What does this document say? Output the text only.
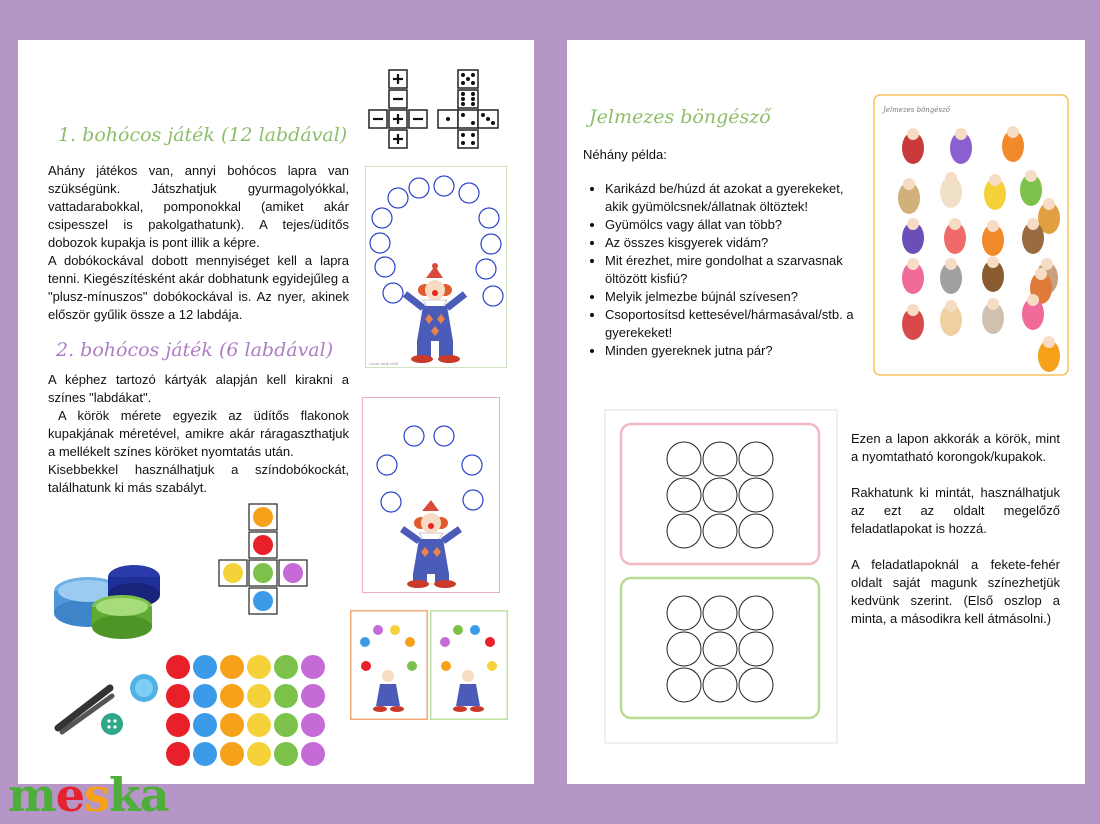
1. bohócos játék (12 labdával)

Ahány játékos van, annyi bohócos lapra van szükségünk. Játszhatjuk gyurmagolyókkal, vattadarabokkal, pomponokkal (amiket akár csipesszel is pakolgathatunk). A tejes/üdítős dobozok kupakja is pont illik a képre.

A dobókockával dobott mennyiséget kell a lapra tenni. Kiegészítésként akár dobhatunk egyidejűleg a "plusz-mínuszos" dobókockával is. Az nyer, akinek először gyűlik össze a 12 labdája.

2. bohócos játék (6 labdával)

A képhez tartozó kártyák alapján kell kirakni a színes "labdákat".

A körök mérete egyezik az üdítős flakonok kupakjának méretével, amikre akár ráragaszthatjuk a mellékelt színes köröket nyomtatás után.

Kisebbekkel használhatjuk a színdobókockát, találhatunk ki más szabályt.

Lucza áruk rától
Jelmezes böngésző
Néhány példa:
• Karikázd be/húzd át azokat a gyerekeket, akik gyümölcsnek/állatnak öltöztek!
• Gyümölcs vagy állat van több?
• Az összes kisgyerek vidám?
• Mit érezhet, mire gondolhat a szarvasnak öltözött kisfiú?
• Melyik jelmezbe bújnál szívesen?
• Csoportosítsd kettesével/hármasával/stb. a gyerekeket!
• Minden gyereknek jutna pár?
Jelmezes böngésző

Ezen a lapon akkorák a körök, mint a nyomtatható korongok/kupakok.

Rakhatunk ki mintát, használhatjuk az ezt az oldalt megelőző feladatlapokat is hozzá.

A feladatlapoknál a fekete-fehér oldalt saját magunk színezhetjük kedvünk szerint. (Első oszlop a minta, a másodikra kell átmásolni.)

meska
